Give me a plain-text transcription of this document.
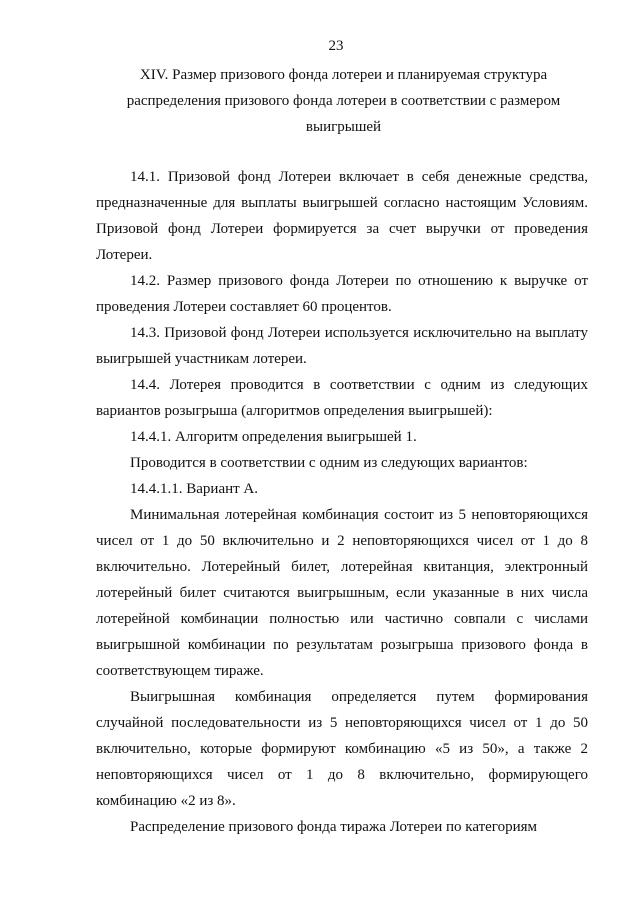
23
XIV. Размер призового фонда лотереи и планируемая структура распределения призового фонда лотереи в соответствии с размером выигрышей

14.1. Призовой фонд Лотереи включает в себя денежные средства, предназначенные для выплаты выигрышей согласно настоящим Условиям. Призовой фонд Лотереи формируется за счет выручки от проведения Лотереи.

14.2. Размер призового фонда Лотереи по отношению к выручке от проведения Лотереи составляет 60 процентов.

14.3. Призовой фонд Лотереи используется исключительно на выплату выигрышей участникам лотереи.

14.4. Лотерея проводится в соответствии с одним из следующих вариантов розыгрыша (алгоритмов определения выигрышей):

14.4.1. Алгоритм определения выигрышей 1.

Проводится в соответствии с одним из следующих вариантов:

14.4.1.1. Вариант А.

Минимальная лотерейная комбинация состоит из 5 неповторяющихся чисел от 1 до 50 включительно и 2 неповторяющихся чисел от 1 до 8 включительно. Лотерейный билет, лотерейная квитанция, электронный лотерейный билет считаются выигрышным, если указанные в них числа лотерейной комбинации полностью или частично совпали с числами выигрышной комбинации по результатам розыгрыша призового фонда в соответствующем тираже.

Выигрышная комбинация определяется путем формирования случайной последовательности из 5 неповторяющихся чисел от 1 до 50 включительно, которые формируют комбинацию «5 из 50», а также 2 неповторяющихся чисел от 1 до 8 включительно, формирующего комбинацию «2 из 8».

Распределение призового фонда тиража Лотереи по категориям
